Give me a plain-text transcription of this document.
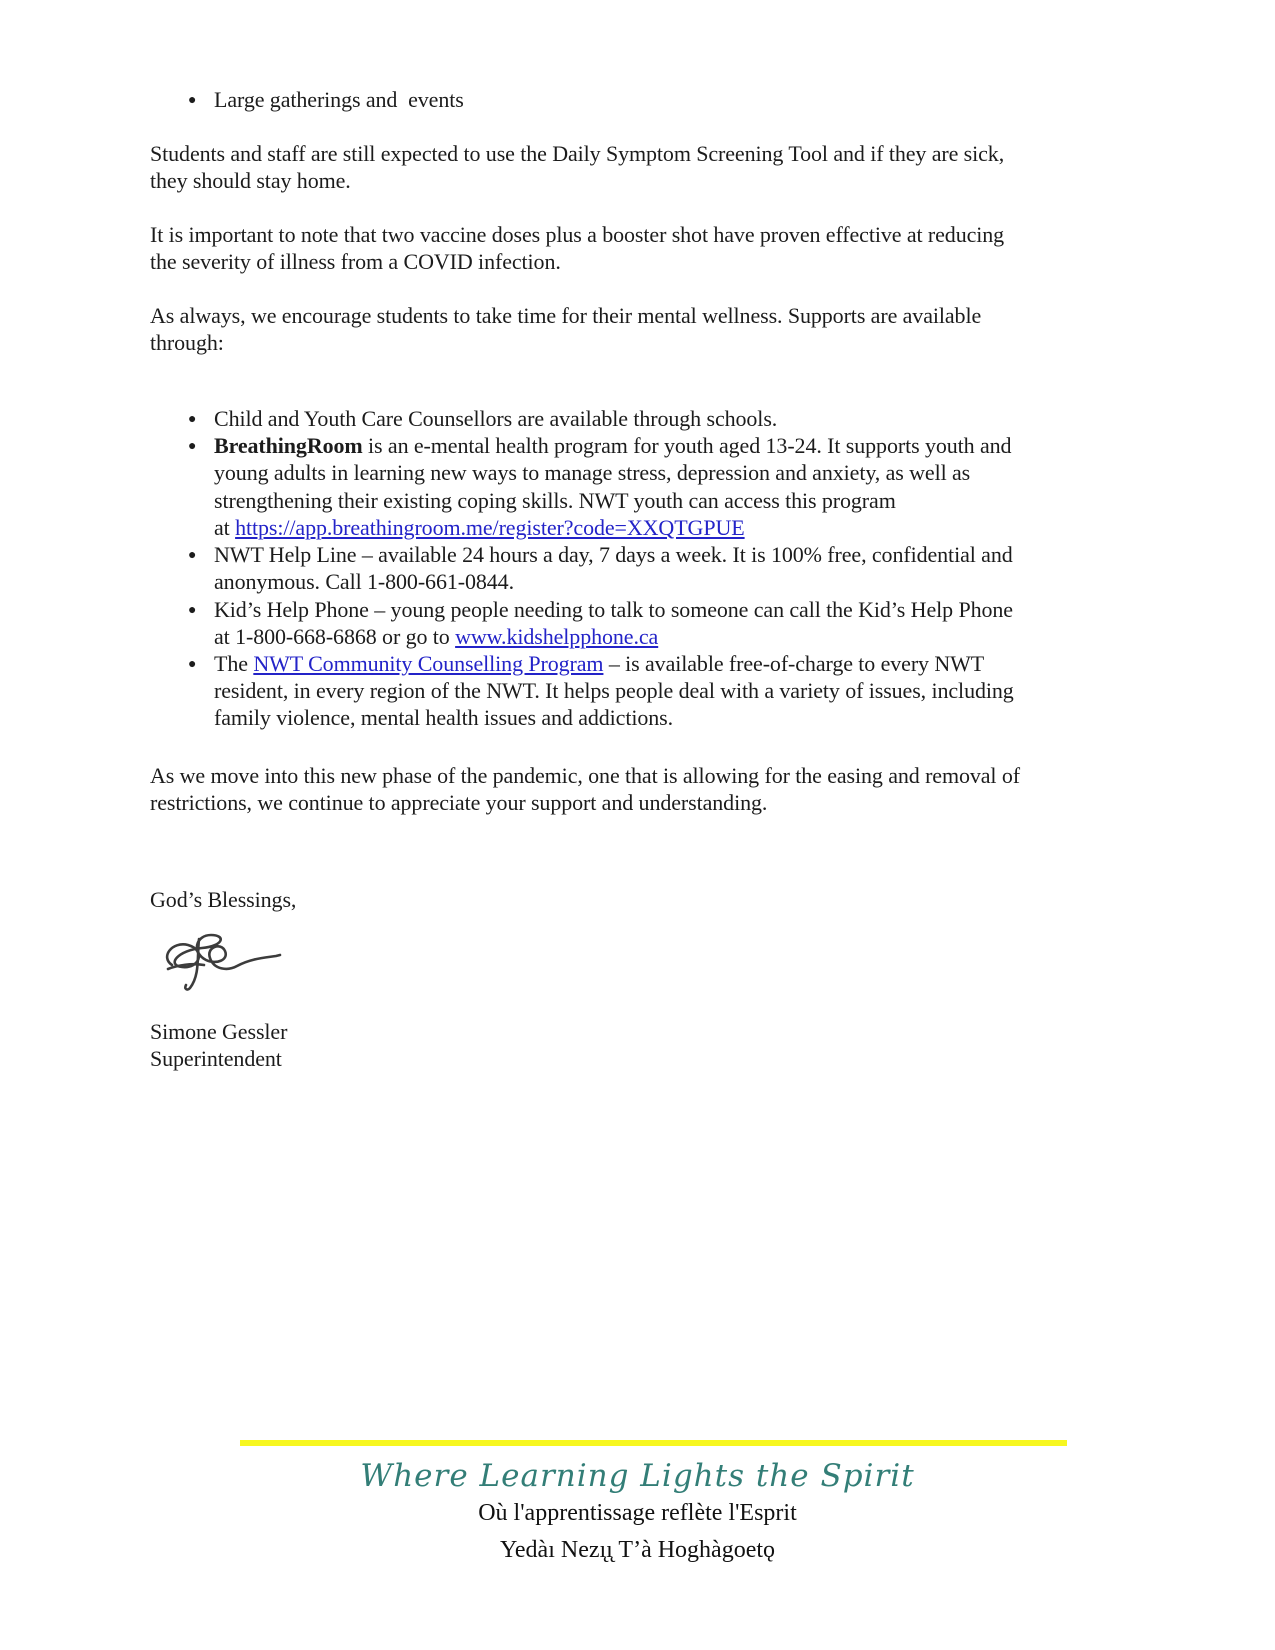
● Large gatherings and  events
Students and staff are still expected to use the Daily Symptom Screening Tool and if they are sick,
they should stay home.
It is important to note that two vaccine doses plus a booster shot have proven effective at reducing
the severity of illness from a COVID infection.
As always, we encourage students to take time for their mental wellness. Supports are available
through:
● Child and Youth Care Counsellors are available through schools.
● BreathingRoom is an e-mental health program for youth aged 13-24. It supports youth and
young adults in learning new ways to manage stress, depression and anxiety, as well as
strengthening their existing coping skills. NWT youth can access this program
at https://app.breathingroom.me/register?code=XXQTGPUE
● NWT Help Line – available 24 hours a day, 7 days a week. It is 100% free, confidential and
anonymous. Call 1-800-661-0844.
● Kid’s Help Phone – young people needing to talk to someone can call the Kid’s Help Phone
at 1-800-668-6868 or go to www.kidshelpphone.ca
● The NWT Community Counselling Program – is available free-of-charge to every NWT
resident, in every region of the NWT. It helps people deal with a variety of issues, including
family violence, mental health issues and addictions.
As we move into this new phase of the pandemic, one that is allowing for the easing and removal of
restrictions, we continue to appreciate your support and understanding.
God’s Blessings,
Simone Gessler
Superintendent
Where Learning Lights the Spirit
Où l'apprentissage reflète l'Esprit
Yedàı Nezı̨ı̨ T’à Hoghàgoetǫ
